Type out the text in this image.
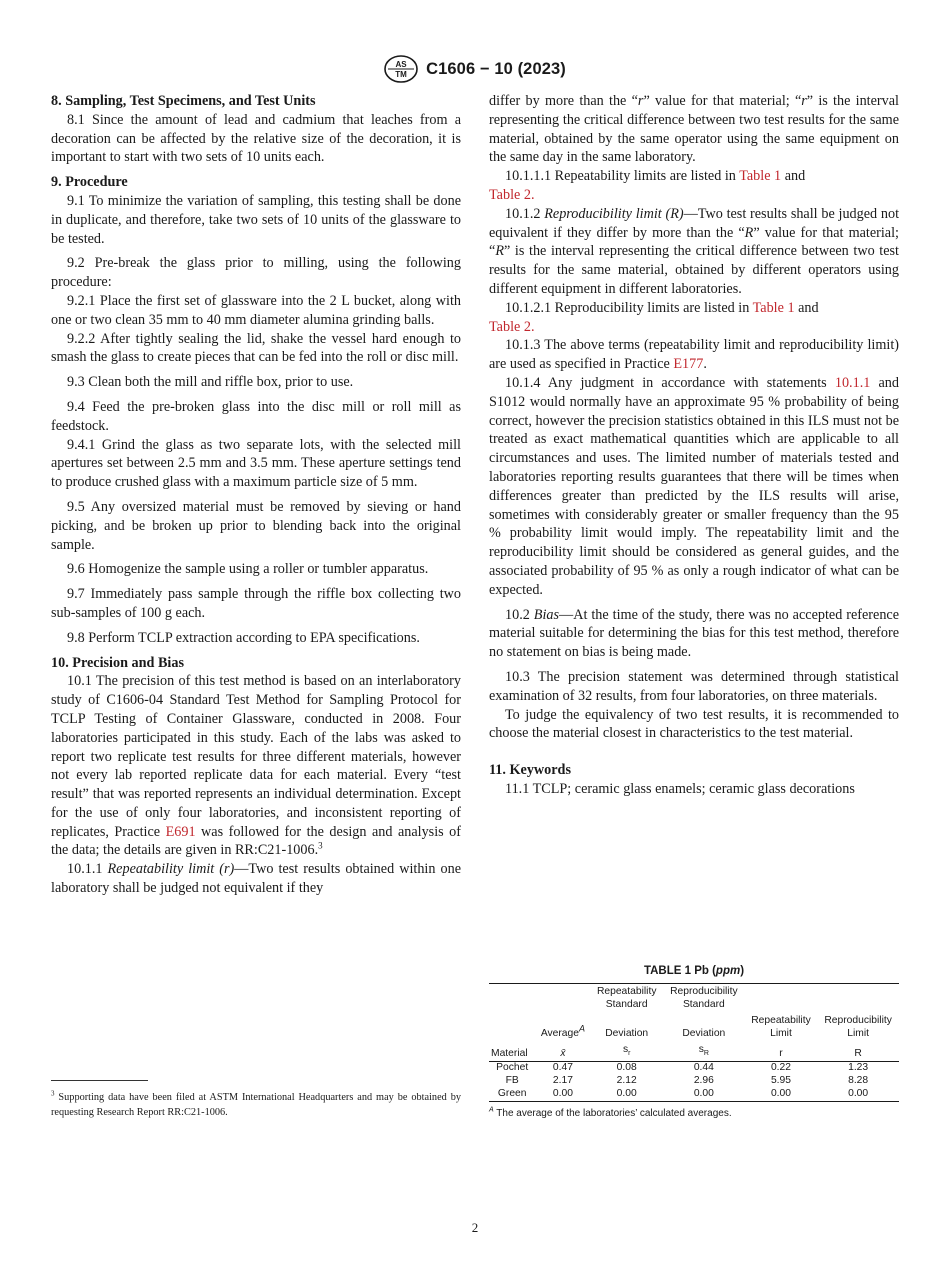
AS
TM C1606 − 10 (2023)

8. Sampling, Test Specimens, and Test Units

8.1 Since the amount of lead and cadmium that leaches from a decoration can be affected by the relative size of the decoration, it is important to start with two sets of 10 units each.

9. Procedure

9.1 To minimize the variation of sampling, this testing shall be done in duplicate, and therefore, take two sets of 10 units of the glassware to be tested.

9.2 Pre-break the glass prior to milling, using the following procedure:

9.2.1 Place the first set of glassware into the 2 L bucket, along with one or two clean 35 mm to 40 mm diameter alumina grinding balls.

9.2.2 After tightly sealing the lid, shake the vessel hard enough to smash the glass to create pieces that can be fed into the roll or disc mill.

9.3 Clean both the mill and riffle box, prior to use.

9.4 Feed the pre-broken glass into the disc mill or roll mill as feedstock.

9.4.1 Grind the glass as two separate lots, with the selected mill apertures set between 2.5 mm and 3.5 mm. These aperture settings tend to produce crushed glass with a maximum particle size of 5 mm.

9.5 Any oversized material must be removed by sieving or hand picking, and be broken up prior to blending back into the original sample.

9.6 Homogenize the sample using a roller or tumbler apparatus.

9.7 Immediately pass sample through the riffle box collecting two sub-samples of 100 g each.

9.8 Perform TCLP extraction according to EPA specifications.

10. Precision and Bias

10.1 The precision of this test method is based on an interlaboratory study of C1606-04 Standard Test Method for Sampling Protocol for TCLP Testing of Container Glassware, conducted in 2008. Four laboratories participated in this study. Each of the labs was asked to report two replicate test results for three different materials, however not every lab reported replicate data for each material. Every “test result” that was reported represents an individual determination. Except for the use of only four laboratories, and inconsistent reporting of replicates, Practice E691 was followed for the design and analysis of the data; the details are given in RR:C21-1006.$^3$

10.1.1 Repeatability limit (r)—Two test results obtained within one laboratory shall be judged not equivalent if they

$^3$ Supporting data have been filed at ASTM International Headquarters and may be obtained by requesting Research Report RR:C21-1006.

differ by more than the “r” value for that material; “r” is the interval representing the critical difference between two test results for the same material, obtained by the same operator using the same equipment on the same day in the same laboratory.

10.1.1.1 Repeatability limits are listed in Table 1 and
Table 2.

10.1.2 Reproducibility limit (R)—Two test results shall be judged not equivalent if they differ by more than the “R” value for that material; “R” is the interval representing the critical difference between two test results for the same material, obtained by different operators using different equipment in different laboratories.

10.1.2.1 Reproducibility limits are listed in Table 1 and
Table 2.

10.1.3 The above terms (repeatability limit and reproducibility limit) are used as specified in Practice E177.

10.1.4 Any judgment in accordance with statements 10.1.1 and S1012 would normally have an approximate 95 % probability of being correct, however the precision statistics obtained in this ILS must not be treated as exact mathematical quantities which are applicable to all circumstances and uses. The limited number of materials tested and laboratories reporting results guarantees that there will be times when differences greater than predicted by the ILS results will arise, sometimes with considerably greater or smaller frequency than the 95 % probability limit would imply. The repeatability limit and the reproducibility limit should be considered as general guides, and the associated probability of 95 % as only a rough indicator of what can be expected.

10.2 Bias—At the time of the study, there was no accepted reference material suitable for determining the bias for this test method, therefore no statement on bias is being made.

10.3 The precision statement was determined through statistical examination of 32 results, from four laboratories, on three materials.

To judge the equivalency of two test results, it is recommended to choose the material closest in characteristics to the test material.

11. Keywords

11.1 TCLP; ceramic glass enamels; ceramic glass decorations

TABLE 1 Pb (ppm)
		Repeatability
Standard	Reproducibility
Standard		
	Average$^A$	Deviation	Deviation	Repeatability
Limit	Reproducibility
Limit
Material	x̄	$s_r$	$s_R$	r	R
Pochet	0.47	0.08	0.44	0.22	1.23
FB	2.17	2.12	2.96	5.95	8.28
Green	0.00	0.00	0.00	0.00	0.00
$^A$ The average of the laboratories’ calculated averages.
2
